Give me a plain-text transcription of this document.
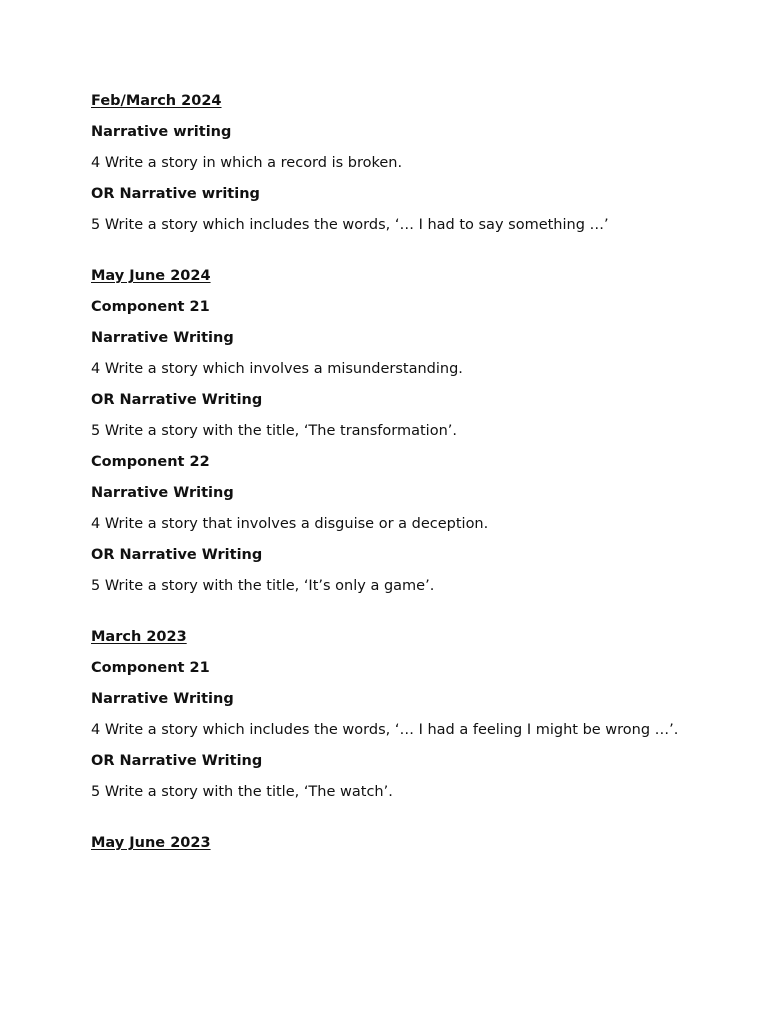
Feb/March 2024
Narrative writing
4 Write a story in which a record is broken.
OR Narrative writing
5 Write a story which includes the words, ‘… I had to say something …’
May June 2024
Component 21
Narrative Writing
4 Write a story which involves a misunderstanding.
OR Narrative Writing
5 Write a story with the title, ‘The transformation’.
Component 22
Narrative Writing
4 Write a story that involves a disguise or a deception.
OR Narrative Writing
5 Write a story with the title, ‘It’s only a game’.
March 2023
Component 21
Narrative Writing
4 Write a story which includes the words, ‘… I had a feeling I might be wrong …’.
OR Narrative Writing
5 Write a story with the title, ‘The watch’.
May June 2023
